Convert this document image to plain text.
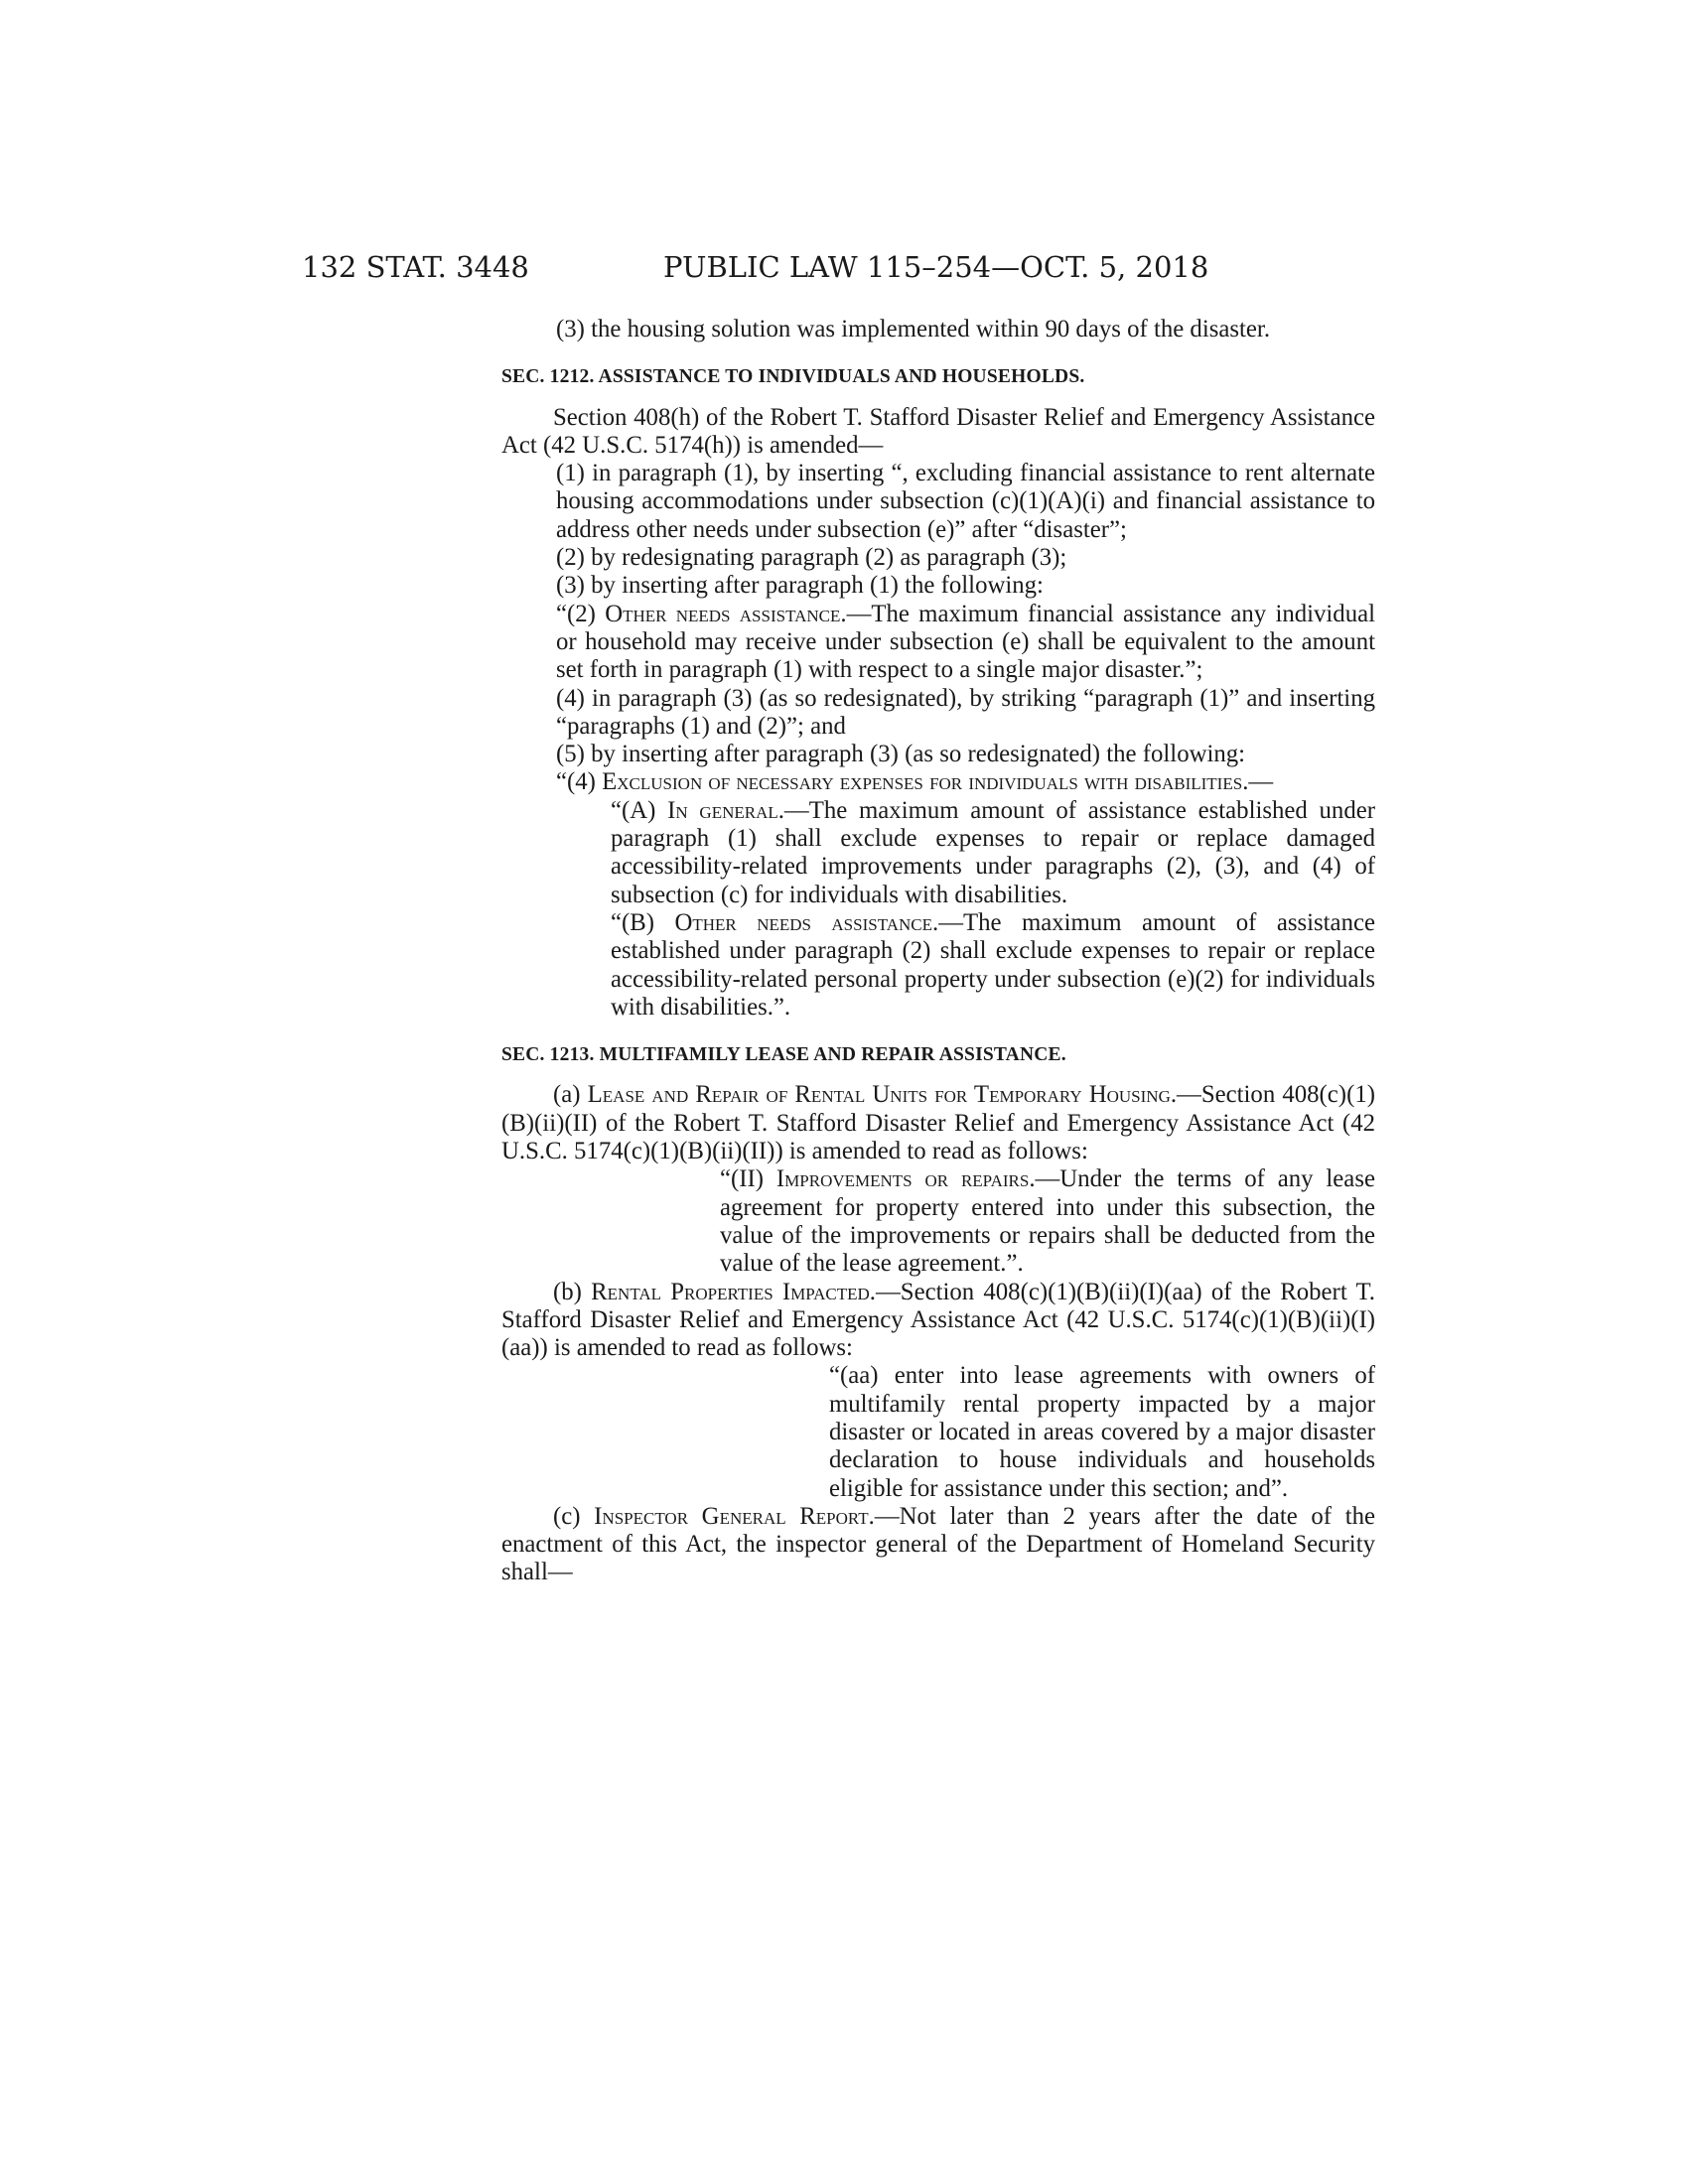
132 STAT. 3448	PUBLIC LAW 115–254—OCT. 5, 2018

(3) the housing solution was implemented within 90 days of the disaster.

SEC. 1212. ASSISTANCE TO INDIVIDUALS AND HOUSEHOLDS.

Section 408(h) of the Robert T. Stafford Disaster Relief and Emergency Assistance Act (42 U.S.C. 5174(h)) is amended—

(1) in paragraph (1), by inserting “, excluding financial assistance to rent alternate housing accommodations under subsection (c)(1)(A)(i) and financial assistance to address other needs under subsection (e)” after “disaster”;

(2) by redesignating paragraph (2) as paragraph (3);

(3) by inserting after paragraph (1) the following:

“(2) Other needs assistance.—The maximum financial assistance any individual or household may receive under subsection (e) shall be equivalent to the amount set forth in paragraph (1) with respect to a single major disaster.”;

(4) in paragraph (3) (as so redesignated), by striking “paragraph (1)” and inserting “paragraphs (1) and (2)”; and

(5) by inserting after paragraph (3) (as so redesignated) the following:

“(4) Exclusion of necessary expenses for individuals with disabilities.—

“(A) In general.—The maximum amount of assistance established under paragraph (1) shall exclude expenses to repair or replace damaged accessibility-related improvements under paragraphs (2), (3), and (4) of subsection (c) for individuals with disabilities.

“(B) Other needs assistance.—The maximum amount of assistance established under paragraph (2) shall exclude expenses to repair or replace accessibility-related personal property under subsection (e)(2) for individuals with disabilities.”.

SEC. 1213. MULTIFAMILY LEASE AND REPAIR ASSISTANCE.

(a) Lease and Repair of Rental Units for Temporary Housing.—Section 408(c)(1)(B)(ii)(II) of the Robert T. Stafford Disaster Relief and Emergency Assistance Act (42 U.S.C. 5174(c)(1)(B)(ii)(II)) is amended to read as follows:

“(II) Improvements or repairs.—Under the terms of any lease agreement for property entered into under this subsection, the value of the improvements or repairs shall be deducted from the value of the lease agreement.”.

(b) Rental Properties Impacted.—Section 408(c)(1)(B)(ii)(I)(aa) of the Robert T. Stafford Disaster Relief and Emergency Assistance Act (42 U.S.C. 5174(c)(1)(B)(ii)(I)(aa)) is amended to read as follows:

“(aa) enter into lease agreements with owners of multifamily rental property impacted by a major disaster or located in areas covered by a major disaster declaration to house individuals and households eligible for assistance under this section; and”.

(c) Inspector General Report.—Not later than 2 years after the date of the enactment of this Act, the inspector general of the Department of Homeland Security shall—
